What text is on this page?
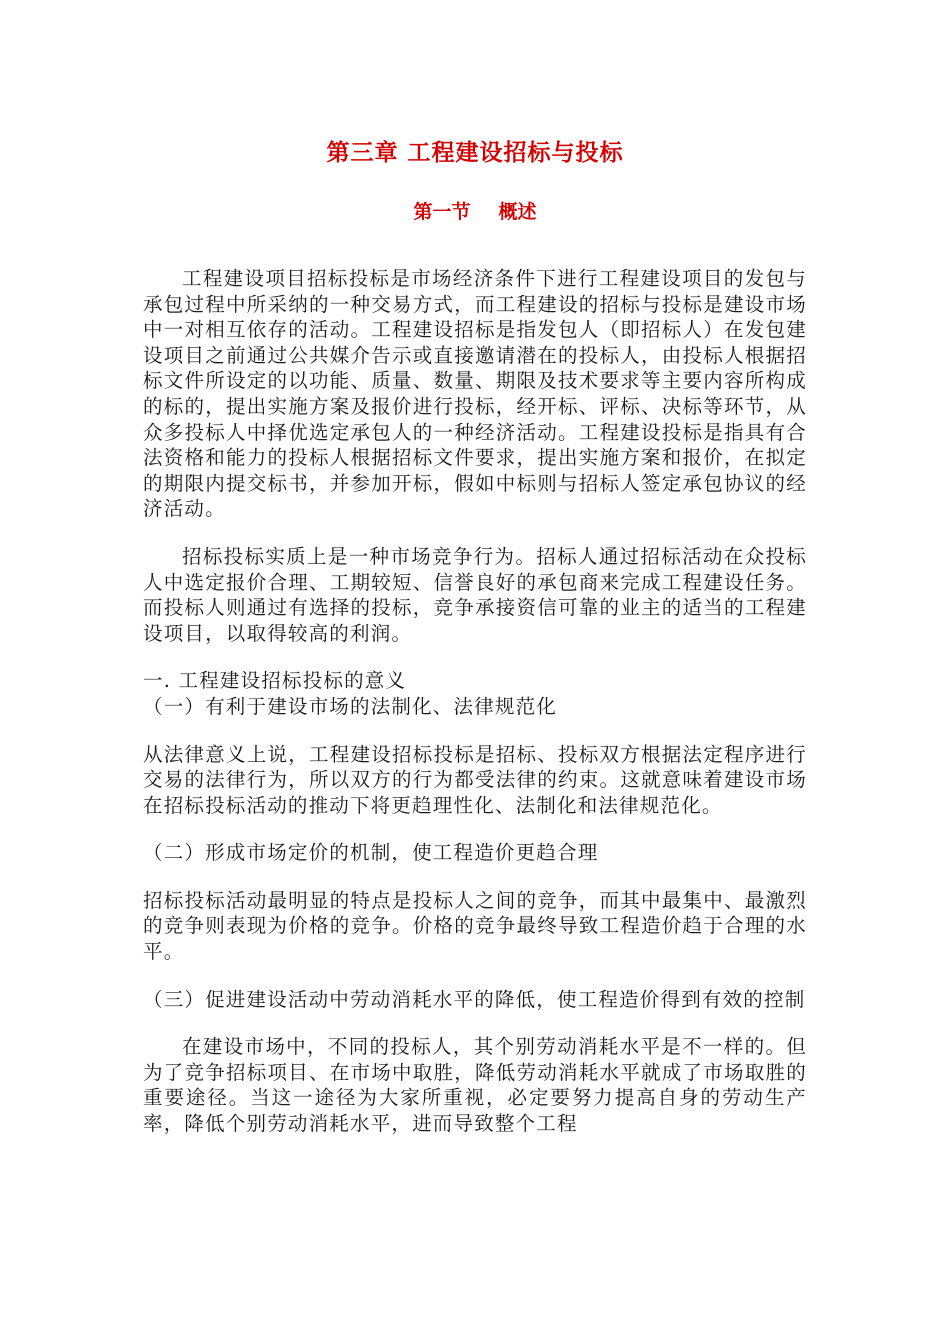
第三章 工程建设招标与投标
第一节 概述

工程建设项目招标投标是市场经济条件下进行工程建设项目的发包与承包过程中所采纳的一种交易方式，而工程建设的招标与投标是建设市场中一对相互依存的活动。工程建设招标是指发包人（即招标人）在发包建设项目之前通过公共媒介告示或直接邀请潜在的投标人，由投标人根据招标文件所设定的以功能、质量、数量、期限及技术要求等主要内容所构成的标的，提出实施方案及报价进行投标，经开标、评标、决标等环节，从众多投标人中择优选定承包人的一种经济活动。工程建设投标是指具有合法资格和能力的投标人根据招标文件要求，提出实施方案和报价，在拟定的期限内提交标书，并参加开标，假如中标则与招标人签定承包协议的经济活动。

招标投标实质上是一种市场竞争行为。招标人通过招标活动在众投标人中选定报价合理、工期较短、信誉良好的承包商来完成工程建设任务。而投标人则通过有选择的投标，竞争承接资信可靠的业主的适当的工程建设项目，以取得较高的利润。

一. 工程建设招标投标的意义

（一）有利于建设市场的法制化、法律规范化

从法律意义上说，工程建设招标投标是招标、投标双方根据法定程序进行交易的法律行为，所以双方的行为都受法律的约束。这就意味着建设市场在招标投标活动的推动下将更趋理性化、法制化和法律规范化。

（二）形成市场定价的机制，使工程造价更趋合理

招标投标活动最明显的特点是投标人之间的竞争，而其中最集中、最激烈的竞争则表现为价格的竞争。价格的竞争最终导致工程造价趋于合理的水平。

（三）促进建设活动中劳动消耗水平的降低，使工程造价得到有效的控制

在建设市场中，不同的投标人，其个别劳动消耗水平是不一样的。但为了竞争招标项目、在市场中取胜，降低劳动消耗水平就成了市场取胜的重要途径。当这一途径为大家所重视，必定要努力提高自身的劳动生产率，降低个别劳动消耗水平，进而导致整个工程
